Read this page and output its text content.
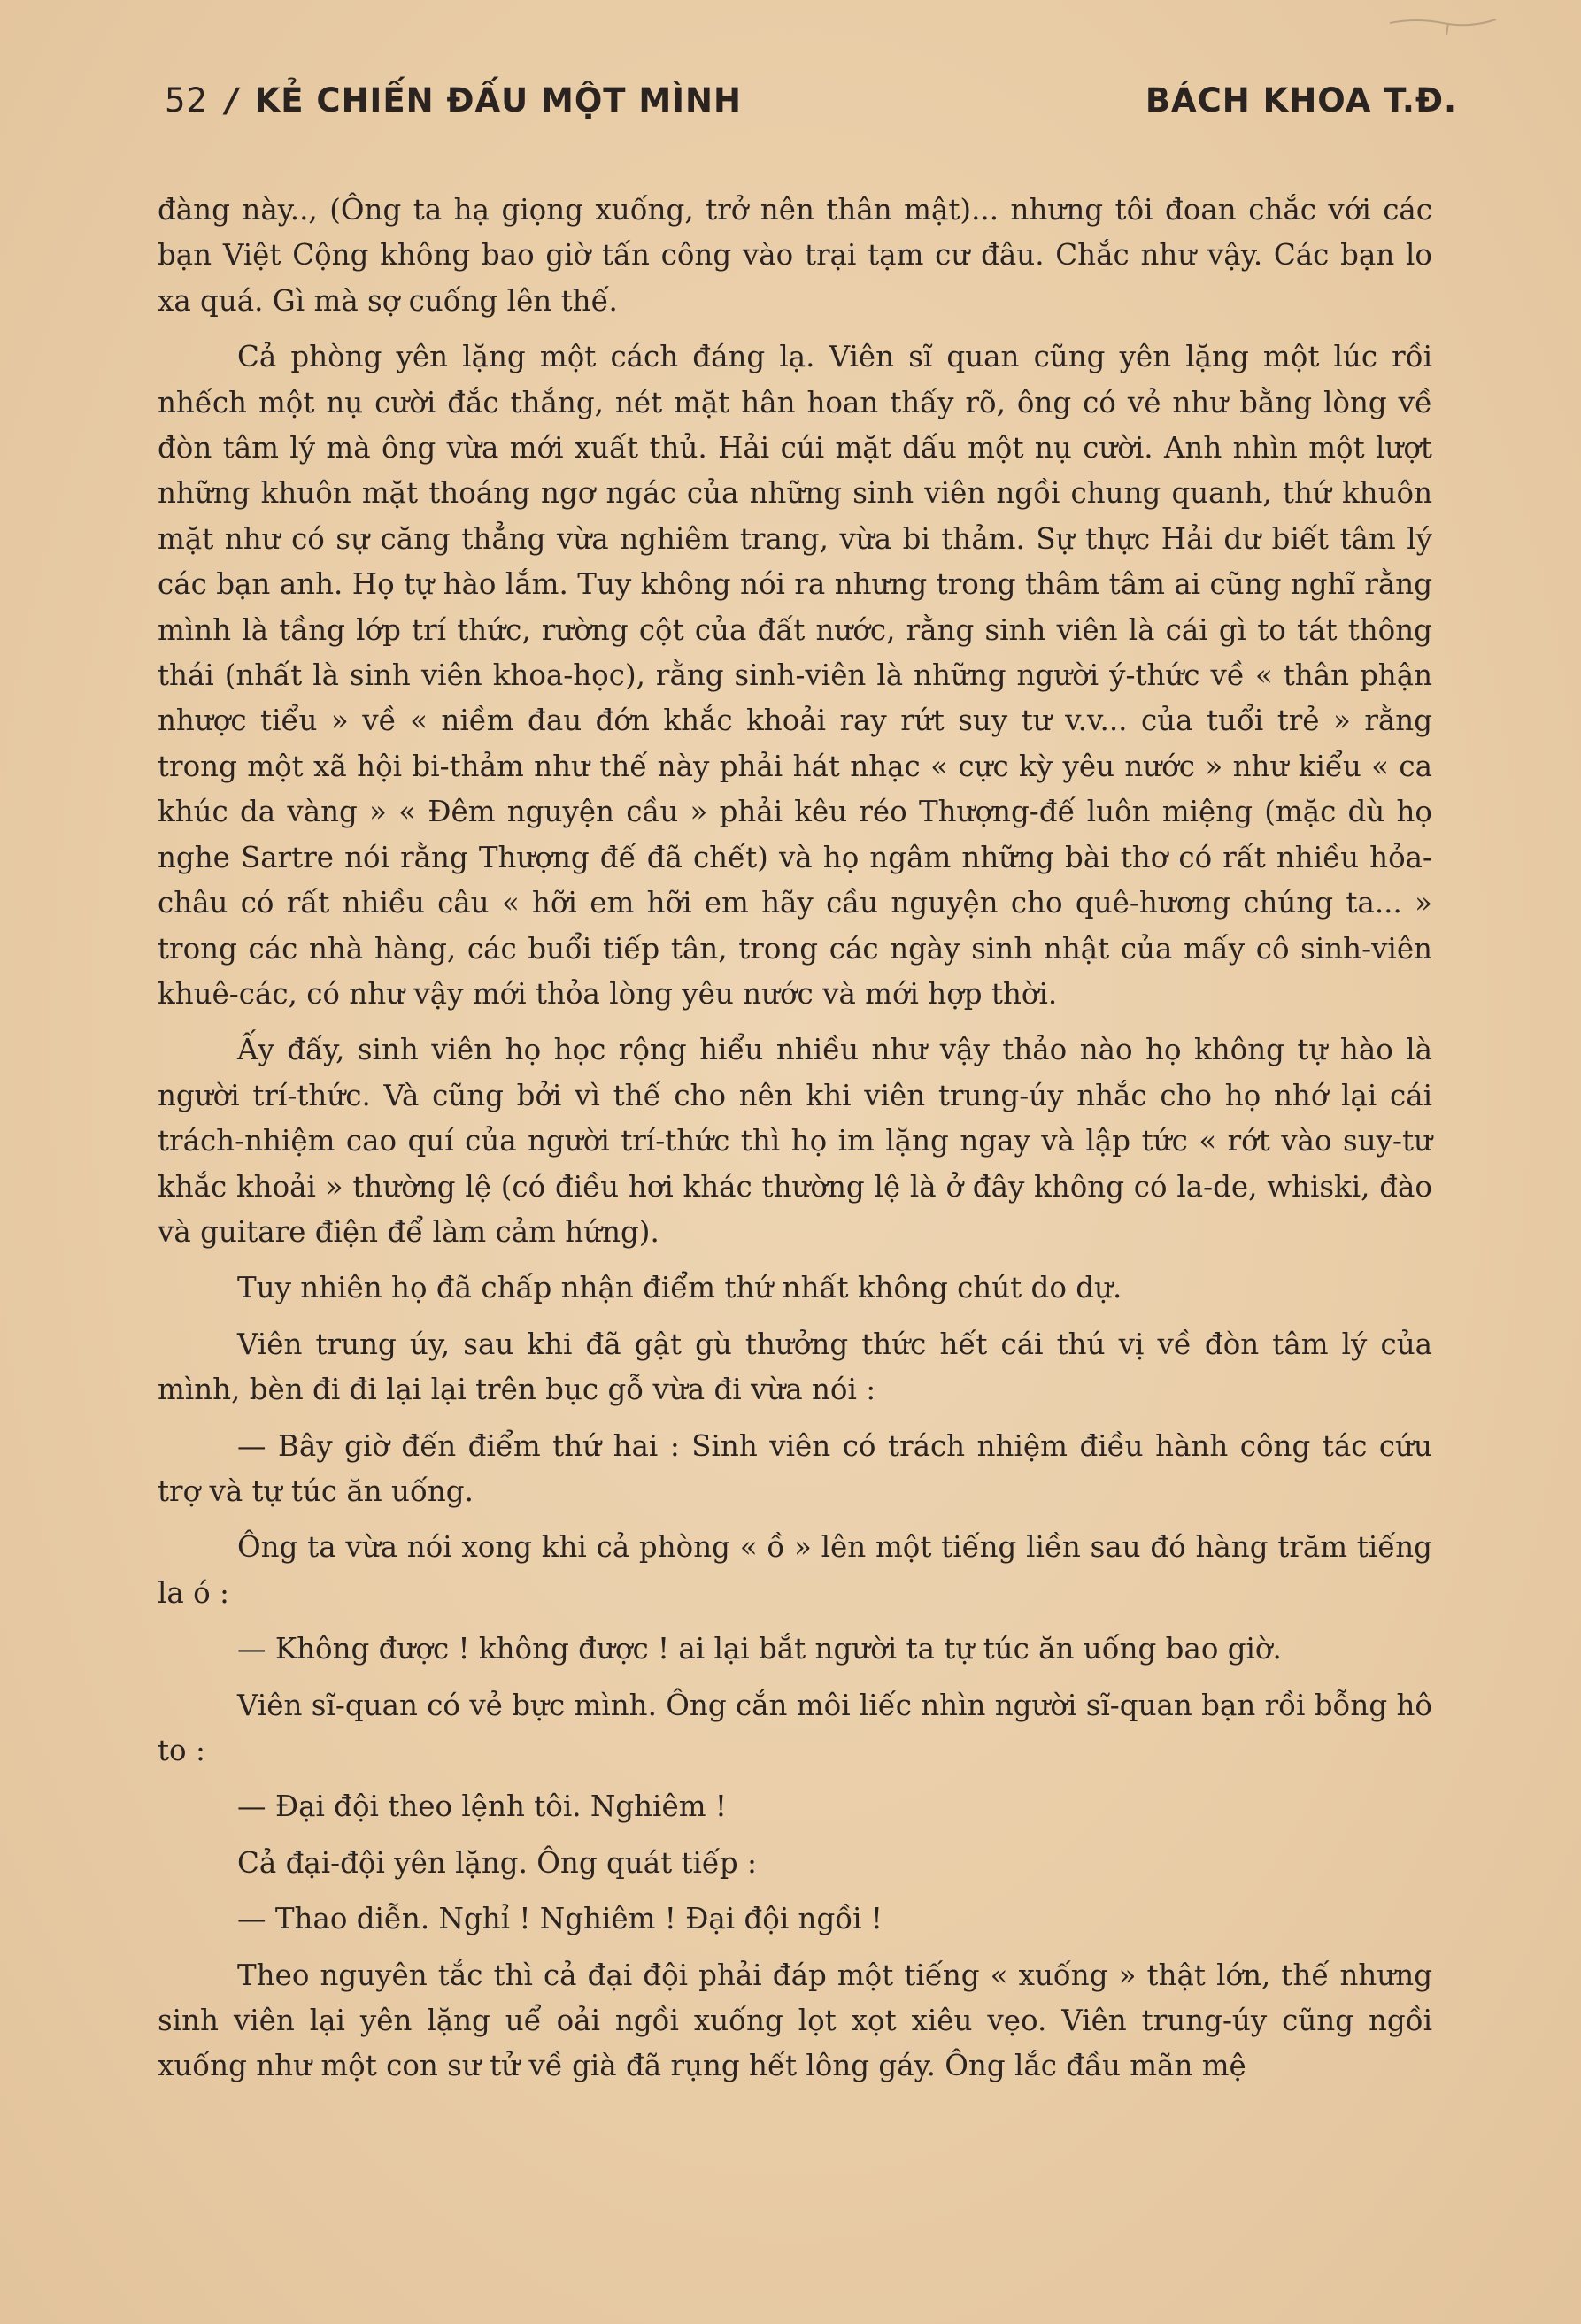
52 / KẺ CHIẾN ĐẤU MỘT MÌNH	BÁCH KHOA T.Đ.

đàng này.., (Ông ta hạ giọng xuống, trở nên thân mật)... nhưng tôi đoan chắc với các bạn Việt Cộng không bao giờ tấn công vào trại tạm cư đâu. Chắc như vậy. Các bạn lo xa quá. Gì mà sợ cuống lên thế.

Cả phòng yên lặng một cách đáng lạ. Viên sĩ quan cũng yên lặng một lúc rồi nhếch một nụ cười đắc thắng, nét mặt hân hoan thấy rõ, ông có vẻ như bằng lòng về đòn tâm lý mà ông vừa mới xuất thủ. Hải cúi mặt dấu một nụ cười. Anh nhìn một lượt những khuôn mặt thoáng ngơ ngác của những sinh viên ngồi chung quanh, thứ khuôn mặt như có sự căng thẳng vừa nghiêm trang, vừa bi thảm. Sự thực Hải dư biết tâm lý các bạn anh. Họ tự hào lắm. Tuy không nói ra nhưng trong thâm tâm ai cũng nghĩ rằng mình là tầng lớp trí thức, rường cột của đất nước, rằng sinh viên là cái gì to tát thông thái (nhất là sinh viên khoa-học), rằng sinh-viên là những người ý-thức về « thân phận nhược tiểu » về « niềm đau đớn khắc khoải ray rứt suy tư v.v... của tuổi trẻ » rằng trong một xã hội bi-thảm như thế này phải hát nhạc « cực kỳ yêu nước » như kiểu « ca khúc da vàng » « Đêm nguyện cầu » phải kêu réo Thượng-đế luôn miệng (mặc dù họ nghe Sartre nói rằng Thượng đế đã chết) và họ ngâm những bài thơ có rất nhiều hỏa-châu có rất nhiều câu « hỡi em hỡi em hãy cầu nguyện cho quê-hương chúng ta... » trong các nhà hàng, các buổi tiếp tân, trong các ngày sinh nhật của mấy cô sinh-viên khuê-các, có như vậy mới thỏa lòng yêu nước và mới hợp thời.

Ấy đấy, sinh viên họ học rộng hiểu nhiều như vậy thảo nào họ không tự hào là người trí-thức. Và cũng bởi vì thế cho nên khi viên trung-úy nhắc cho họ nhớ lại cái trách-nhiệm cao quí của người trí-thức thì họ im lặng ngay và lập tức « rớt vào suy-tư khắc khoải » thường lệ (có điều hơi khác thường lệ là ở đây không có la-de, whiski, đào và guitare điện để làm cảm hứng).

Tuy nhiên họ đã chấp nhận điểm thứ nhất không chút do dự.

Viên trung úy, sau khi đã gật gù thưởng thức hết cái thú vị về đòn tâm lý của mình, bèn đi đi lại lại trên bục gỗ vừa đi vừa nói :

— Bây giờ đến điểm thứ hai : Sinh viên có trách nhiệm điều hành công tác cứu trợ và tự túc ăn uống.

Ông ta vừa nói xong khi cả phòng « ồ » lên một tiếng liền sau đó hàng trăm tiếng la ó :

— Không được ! không được ! ai lại bắt người ta tự túc ăn uống bao giờ.

Viên sĩ-quan có vẻ bực mình. Ông cắn môi liếc nhìn người sĩ-quan bạn rồi bỗng hô to :

— Đại đội theo lệnh tôi. Nghiêm !

Cả đại-đội yên lặng. Ông quát tiếp :

— Thao diễn. Nghỉ ! Nghiêm ! Đại đội ngồi !

Theo nguyên tắc thì cả đại đội phải đáp một tiếng « xuống » thật lớn, thế nhưng sinh viên lại yên lặng uể oải ngồi xuống lọt xọt xiêu vẹo. Viên trung-úy cũng ngồi xuống như một con sư tử về già đã rụng hết lông gáy. Ông lắc đầu mãn mệ
